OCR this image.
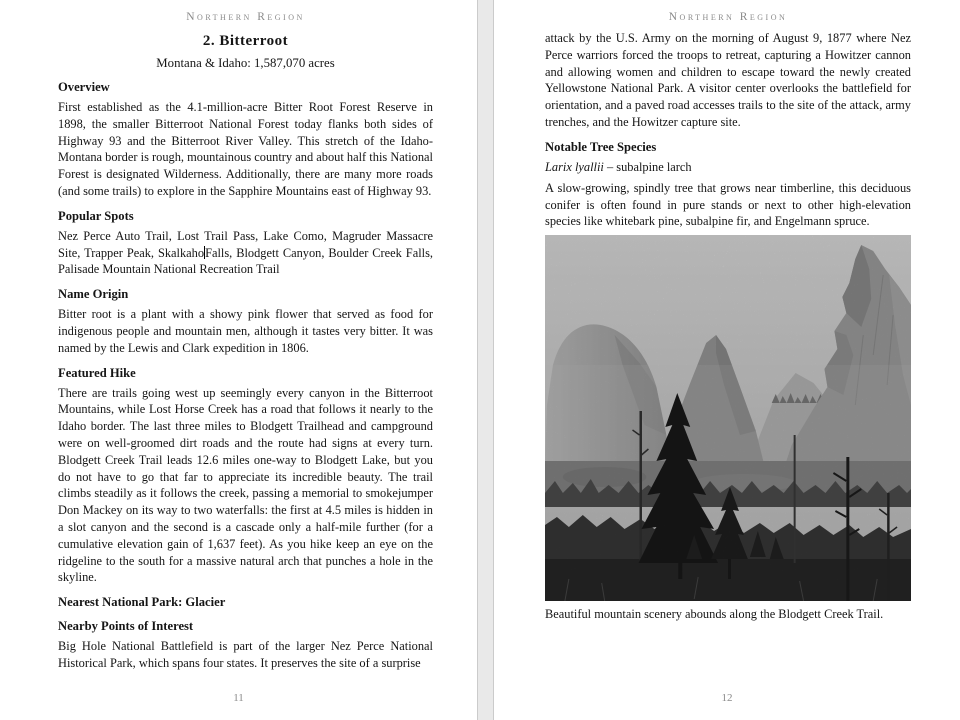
Northern Region
2. Bitterroot
Montana & Idaho: 1,587,070 acres
Overview

First established as the 4.1-million-acre Bitter Root Forest Reserve in 1898, the smaller Bitterroot National Forest today flanks both sides of Highway 93 and the Bitterroot River Valley. This stretch of the Idaho-Montana border is rough, mountainous country and about half this National Forest is designated Wilderness. Additionally, there are many more roads (and some trails) to explore in the Sapphire Mountains east of Highway 93.

Popular Spots

Nez Perce Auto Trail, Lost Trail Pass, Lake Como, Magruder Massacre Site, Trapper Peak, SkalkahoFalls, Blodgett Canyon, Boulder Creek Falls, Palisade Mountain National Recreation Trail

Name Origin

Bitter root is a plant with a showy pink flower that served as food for indigenous people and mountain men, although it tastes very bitter. It was named by the Lewis and Clark expedition in 1806.

Featured Hike

There are trails going west up seemingly every canyon in the Bitterroot Mountains, while Lost Horse Creek has a road that follows it nearly to the Idaho border. The last three miles to Blodgett Trailhead and campground were on well-groomed dirt roads and the route had signs at every turn. Blodgett Creek Trail leads 12.6 miles one-way to Blodgett Lake, but you do not have to go that far to appreciate its incredible beauty. The trail climbs steadily as it follows the creek, passing a memorial to smokejumper Don Mackey on its way to two waterfalls: the first at 4.5 miles is hidden in a slot canyon and the second is a cascade only a half-mile further (for a cumulative elevation gain of 1,637 feet). As you hike keep an eye on the ridgeline to the south for a massive natural arch that punches a hole in the skyline.

Nearest National Park: Glacier
Nearby Points of Interest

Big Hole National Battlefield is part of the larger Nez Perce National Historical Park, which spans four states. It preserves the site of a surprise

11
Northern Region

attack by the U.S. Army on the morning of August 9, 1877 where Nez Perce warriors forced the troops to retreat, capturing a Howitzer cannon and allowing women and children to escape toward the newly created Yellowstone National Park. A visitor center overlooks the battlefield for orientation, and a paved road accesses trails to the site of the attack, army trenches, and the Howitzer capture site.

Notable Tree Species

Larix lyallii – subalpine larch

A slow-growing, spindly tree that grows near timberline, this deciduous conifer is often found in pure stands or next to other high-elevation species like whitebark pine, subalpine fir, and Engelmann spruce.

Beautiful mountain scenery abounds along the Blodgett Creek Trail.
12
